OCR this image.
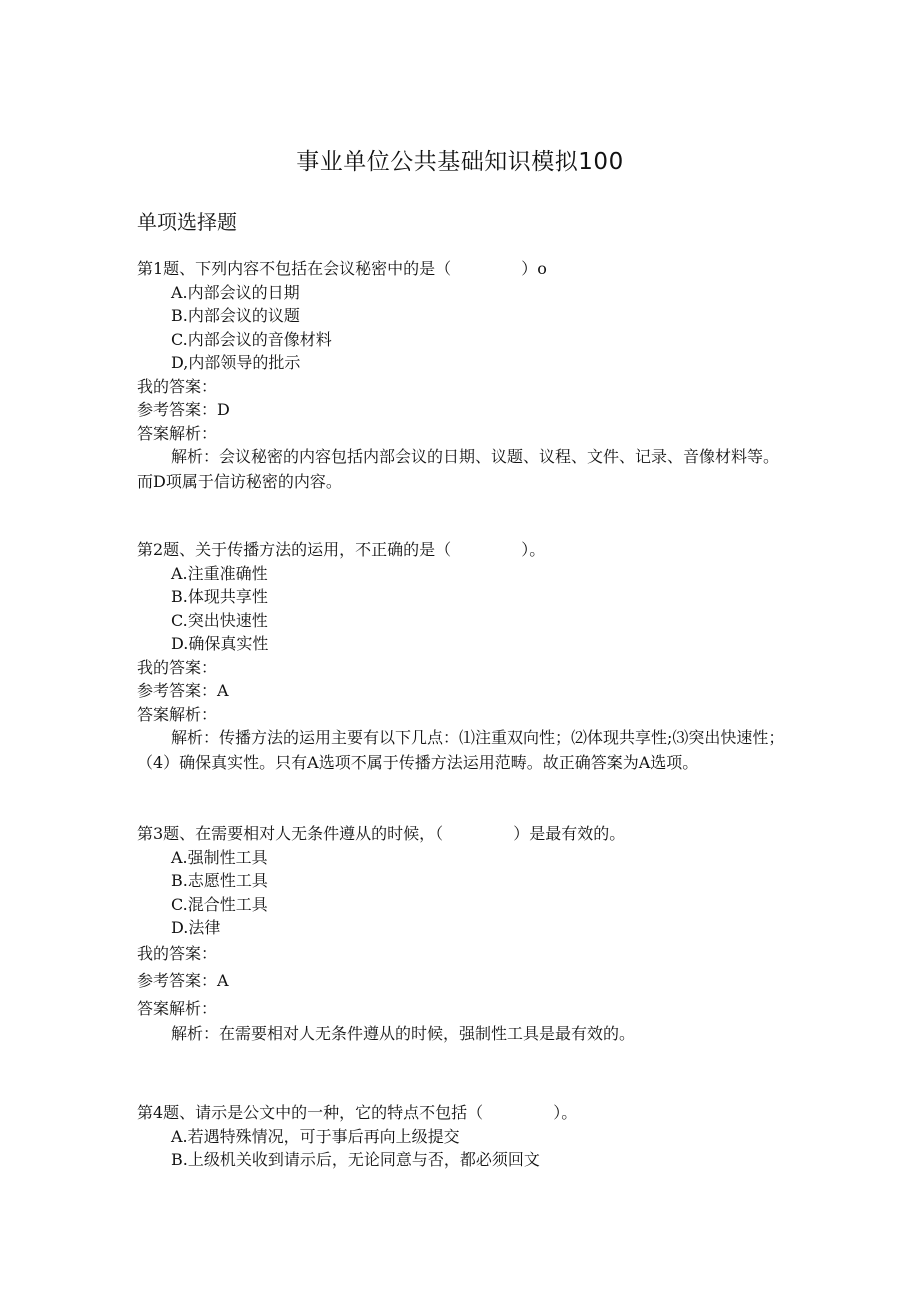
事业单位公共基础知识模拟100
单项选择题
第1题、下列内容不包括在会议秘密中的是（	）o
A.内部会议的日期
B.内部会议的议题
C.内部会议的音像材料
D,内部领导的批示
我的答案：
参考答案：D
答案解析：
解析：会议秘密的内容包括内部会议的日期、议题、议程、文件、记录、音像材料等。而D项属于信访秘密的内容。
第2题、关于传播方法的运用，不正确的是（	）。
A.注重准确性
B.体现共享性
C.突出快速性
D.确保真实性
我的答案：
参考答案：A
答案解析：
解析：传播方法的运用主要有以下几点：⑴注重双向性；⑵体现共享性;⑶突出快速性；（4）确保真实性。只有A选项不属于传播方法运用范畴。故正确答案为A选项。
第3题、在需要相对人无条件遵从的时候，（	）是最有效的。
A.强制性工具
B.志愿性工具
C.混合性工具
D.法律
我的答案：
参考答案：A
答案解析：
解析：在需要相对人无条件遵从的时候，强制性工具是最有效的。
第4题、请示是公文中的一种，它的特点不包括（	）。
A.若遇特殊情况，可于事后再向上级提交
B.上级机关收到请示后，无论同意与否，都必须回文
